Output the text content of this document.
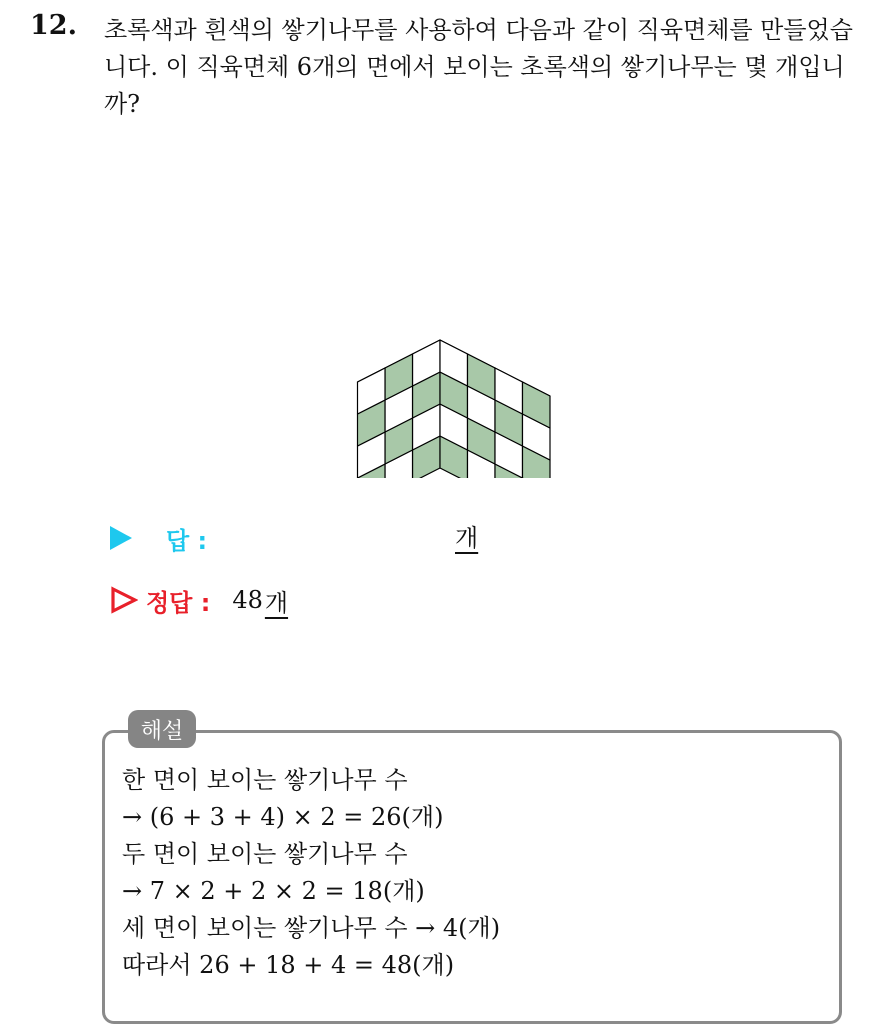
12. 초록색과 흰색의 쌓기나무를 사용하여 다음과 같이 직육면체를 만들었습니다. 이 직육면체 6개의 면에서 보이는 초록색의 쌓기나무는 몇 개입니까?

답 :	개
정답 : 48 개
해설
한 면이 보이는 쌓기나무 수
→ (6 + 3 + 4) × 2 = 26(개)
두 면이 보이는 쌓기나무 수
→ 7 × 2 + 2 × 2 = 18(개)
세 면이 보이는 쌓기나무 수 → 4(개)
따라서 26 + 18 + 4 = 48(개)
